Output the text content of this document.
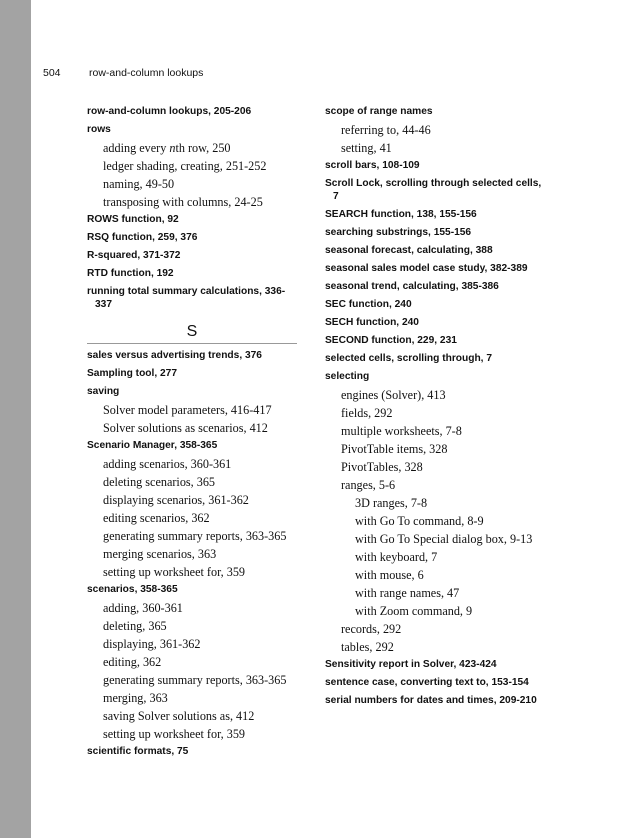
504	row-and-column lookups

row-and-column lookups, 205-206

rows

adding every nth row, 250

ledger shading, creating, 251-252

naming, 49-50

transposing with columns, 24-25

ROWS function, 92

RSQ function, 259, 376

R-squared, 371-372

RTD function, 192

running total summary calculations, 336-337

S

sales versus advertising trends, 376

Sampling tool, 277

saving

Solver model parameters, 416-417

Solver solutions as scenarios, 412

Scenario Manager, 358-365

adding scenarios, 360-361

deleting scenarios, 365

displaying scenarios, 361-362

editing scenarios, 362

generating summary reports, 363-365

merging scenarios, 363

setting up worksheet for, 359

scenarios, 358-365

adding, 360-361

deleting, 365

displaying, 361-362

editing, 362

generating summary reports, 363-365

merging, 363

saving Solver solutions as, 412

setting up worksheet for, 359

scientific formats, 75

scope of range names

referring to, 44-46

setting, 41

scroll bars, 108-109

Scroll Lock, scrolling through selected cells, 7

SEARCH function, 138, 155-156

searching substrings, 155-156

seasonal forecast, calculating, 388

seasonal sales model case study, 382-389

seasonal trend, calculating, 385-386

SEC function, 240

SECH function, 240

SECOND function, 229, 231

selected cells, scrolling through, 7

selecting

engines (Solver), 413

fields, 292

multiple worksheets, 7-8

PivotTable items, 328

PivotTables, 328

ranges, 5-6

3D ranges, 7-8

with Go To command, 8-9

with Go To Special dialog box, 9-13

with keyboard, 7

with mouse, 6

with range names, 47

with Zoom command, 9

records, 292

tables, 292

Sensitivity report in Solver, 423-424

sentence case, converting text to, 153-154

serial numbers for dates and times, 209-210
